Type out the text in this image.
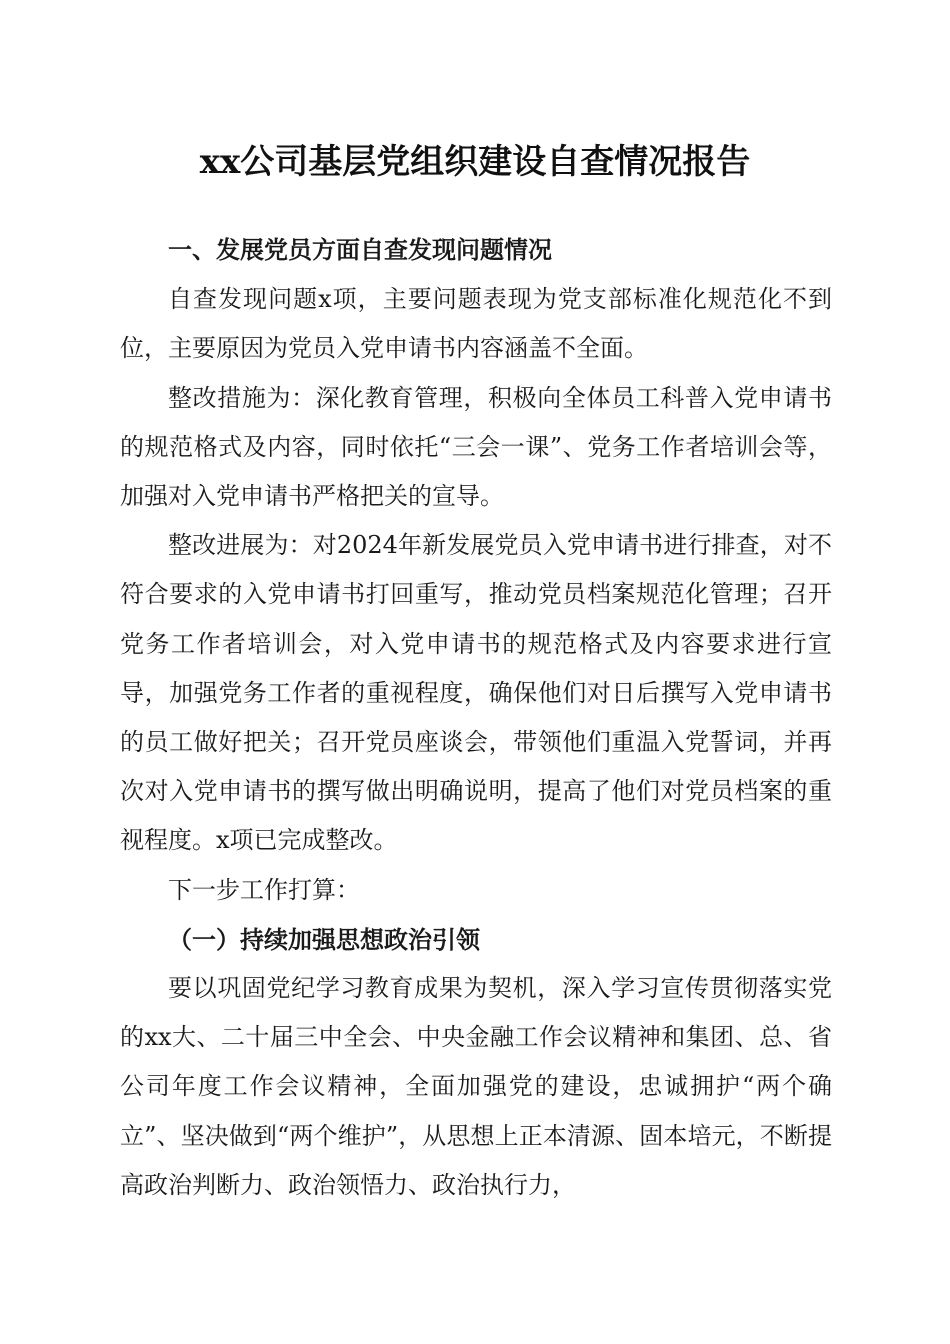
xx公司基层党组织建设自查情况报告

一、发展党员方面自查发现问题情况

自查发现问题x项，主要问题表现为党支部标准化规范化不到位，主要原因为党员入党申请书内容涵盖不全面。

整改措施为：深化教育管理，积极向全体员工科普入党申请书的规范格式及内容，同时依托“三会一课”、党务工作者培训会等，加强对入党申请书严格把关的宣导。

整改进展为：对2024年新发展党员入党申请书进行排查，对不符合要求的入党申请书打回重写，推动党员档案规范化管理；召开党务工作者培训会，对入党申请书的规范格式及内容要求进行宣导，加强党务工作者的重视程度，确保他们对日后撰写入党申请书的员工做好把关；召开党员座谈会，带领他们重温入党誓词，并再次对入党申请书的撰写做出明确说明，提高了他们对党员档案的重视程度。x项已完成整改。

下一步工作打算：

（一）持续加强思想政治引领

要以巩固党纪学习教育成果为契机，深入学习宣传贯彻落实党的xx大、二十届三中全会、中央金融工作会议精神和集团、总、省公司年度工作会议精神，全面加强党的建设，忠诚拥护“两个确立”、坚决做到“两个维护”，从思想上正本清源、固本培元，不断提高政治判断力、政治领悟力、政治执行力，
